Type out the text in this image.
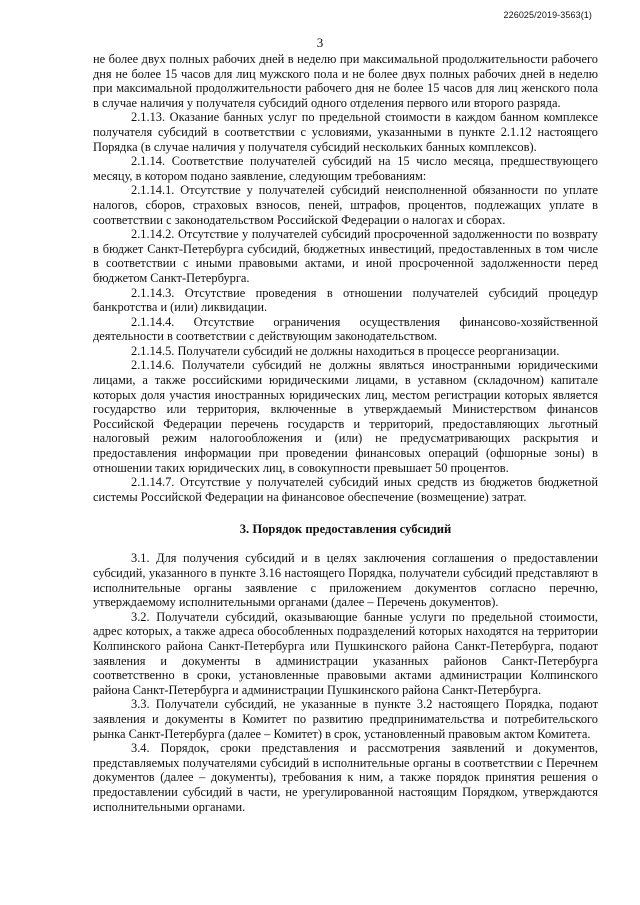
226025/2019-3563(1)
3

не более двух полных рабочих дней в неделю при максимальной продолжительности рабочего дня не более 15 часов для лиц мужского пола и не более двух полных рабочих дней в неделю при максимальной продолжительности рабочего дня не более 15 часов для лиц женского пола в случае наличия у получателя субсидий одного отделения первого или второго разряда.

2.1.13. Оказание банных услуг по предельной стоимости в каждом банном комплексе получателя субсидий в соответствии с условиями, указанными в пункте 2.1.12 настоящего Порядка (в случае наличия у получателя субсидий нескольких банных комплексов).

2.1.14. Соответствие получателей субсидий на 15 число месяца, предшествующего месяцу, в котором подано заявление, следующим требованиям:

2.1.14.1. Отсутствие у получателей субсидий неисполненной обязанности по уплате налогов, сборов, страховых взносов, пеней, штрафов, процентов, подлежащих уплате в соответствии с законодательством Российской Федерации о налогах и сборах.

2.1.14.2. Отсутствие у получателей субсидий просроченной задолженности по возврату в бюджет Санкт-Петербурга субсидий, бюджетных инвестиций, предоставленных в том числе в соответствии с иными правовыми актами, и иной просроченной задолженности перед бюджетом Санкт-Петербурга.

2.1.14.3. Отсутствие проведения в отношении получателей субсидий процедур банкротства и (или) ликвидации.

2.1.14.4. Отсутствие ограничения осуществления финансово-хозяйственной деятельности в соответствии с действующим законодательством.

2.1.14.5. Получатели субсидий не должны находиться в процессе реорганизации.

2.1.14.6. Получатели субсидий не должны являться иностранными юридическими лицами, а также российскими юридическими лицами, в уставном (складочном) капитале которых доля участия иностранных юридических лиц, местом регистрации которых является государство или территория, включенные в утверждаемый Министерством финансов Российской Федерации перечень государств и территорий, предоставляющих льготный налоговый режим налогообложения и (или) не предусматривающих раскрытия и предоставления информации при проведении финансовых операций (офшорные зоны) в отношении таких юридических лиц, в совокупности превышает 50 процентов.

2.1.14.7. Отсутствие у получателей субсидий иных средств из бюджетов бюджетной системы Российской Федерации на финансовое обеспечение (возмещение) затрат.

3. Порядок предоставления субсидий

3.1. Для получения субсидий и в целях заключения соглашения о предоставлении субсидий, указанного в пункте 3.16 настоящего Порядка, получатели субсидий представляют в исполнительные органы заявление с приложением документов согласно перечню, утверждаемому исполнительными органами (далее – Перечень документов).

3.2. Получатели субсидий, оказывающие банные услуги по предельной стоимости, адрес которых, а также адреса обособленных подразделений которых находятся на территории Колпинского района Санкт-Петербурга или Пушкинского района Санкт-Петербурга, подают заявления и документы в администрации указанных районов Санкт-Петербурга соответственно в сроки, установленные правовыми актами администрации Колпинского района Санкт-Петербурга и администрации Пушкинского района Санкт-Петербурга.

3.3. Получатели субсидий, не указанные в пункте 3.2 настоящего Порядка, подают заявления и документы в Комитет по развитию предпринимательства и потребительского рынка Санкт-Петербурга (далее – Комитет) в срок, установленный правовым актом Комитета.

3.4. Порядок, сроки представления и рассмотрения заявлений и документов, представляемых получателями субсидий в исполнительные органы в соответствии с Перечнем документов (далее – документы), требования к ним, а также порядок принятия решения о предоставлении субсидий в части, не урегулированной настоящим Порядком, утверждаются исполнительными органами.
